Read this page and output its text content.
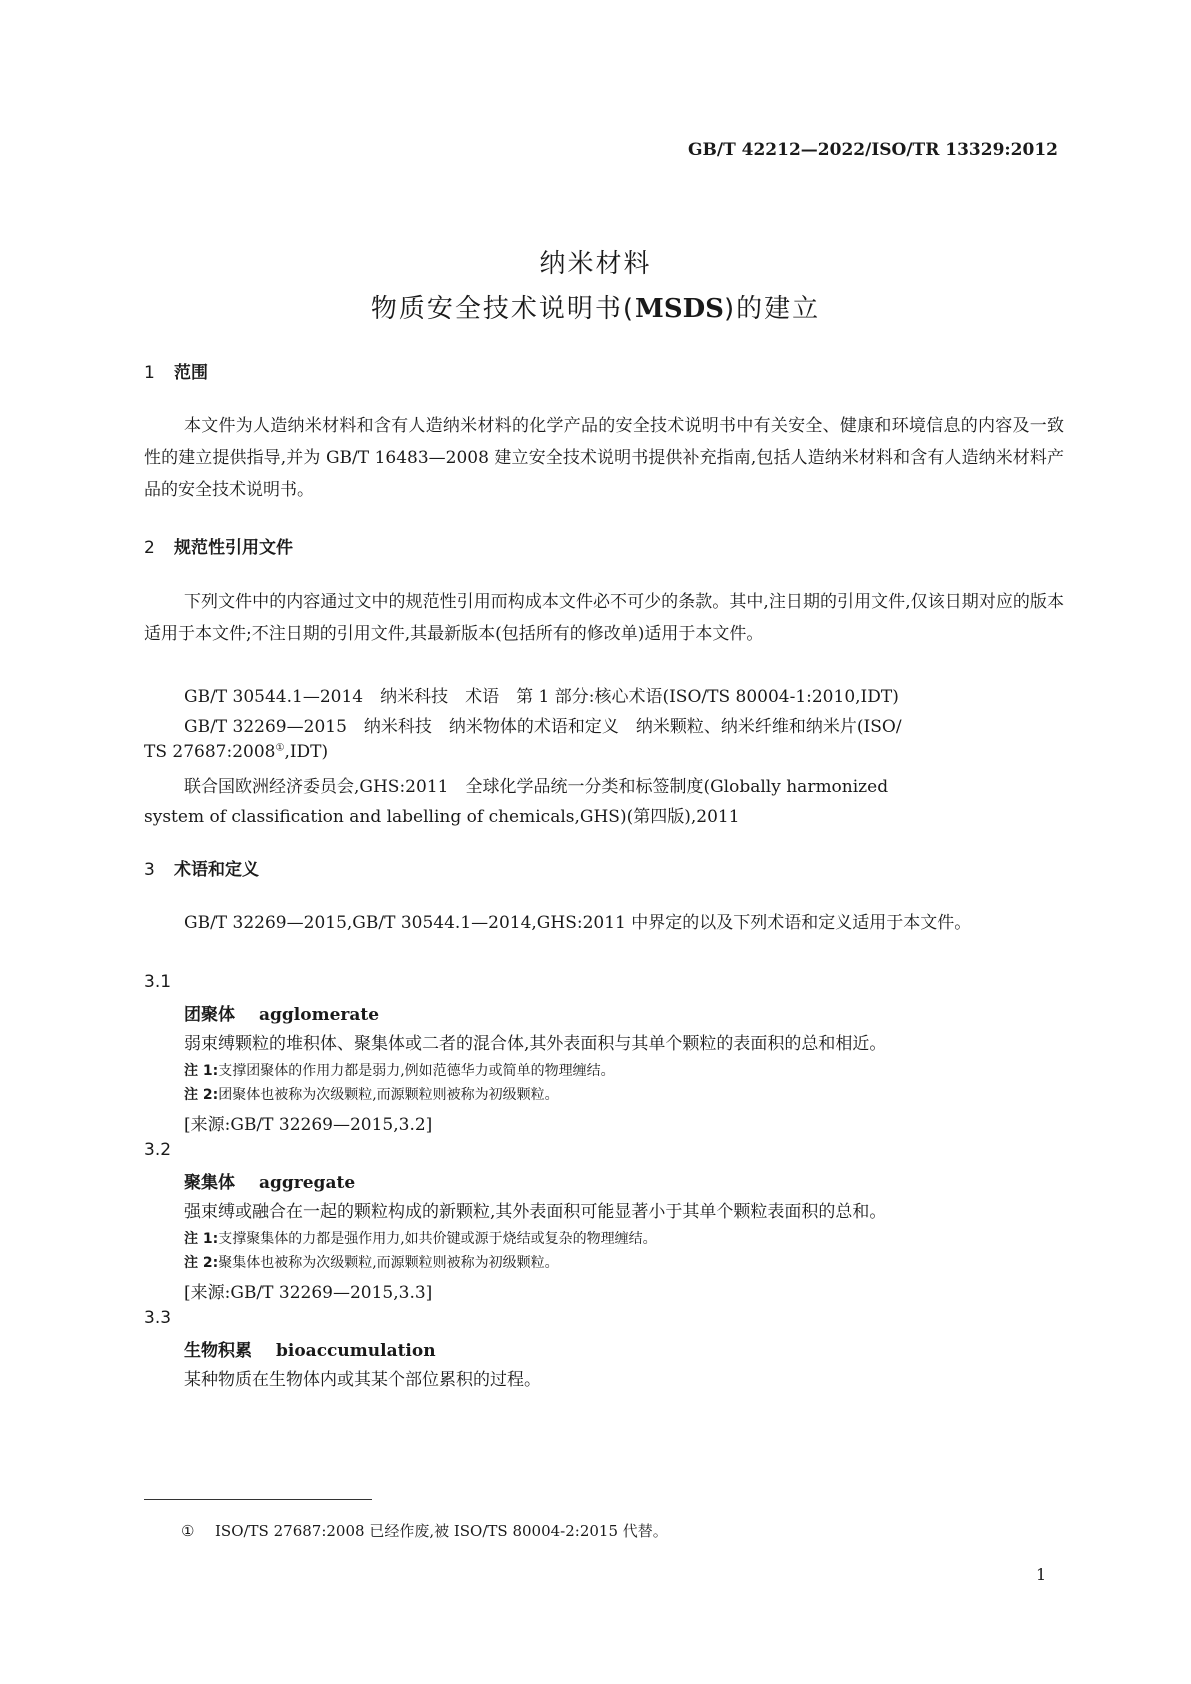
GB/T 42212—2022/ISO/TR 13329:2012
纳米材料
物质安全技术说明书(MSDS)的建立
1 范围
本文件为人造纳米材料和含有人造纳米材料的化学产品的安全技术说明书中有关安全、健康和环境信息的内容及一致性的建立提供指导,并为 GB/T 16483—2008 建立安全技术说明书提供补充指南,包括人造纳米材料和含有人造纳米材料产品的安全技术说明书。
2 规范性引用文件
下列文件中的内容通过文中的规范性引用而构成本文件必不可少的条款。其中,注日期的引用文件,仅该日期对应的版本适用于本文件;不注日期的引用文件,其最新版本(包括所有的修改单)适用于本文件。
GB/T 30544.1—2014　纳米科技　术语　第 1 部分:核心术语(ISO/TS 80004-1:2010,IDT)
GB/T 32269—2015　纳米科技　纳米物体的术语和定义　纳米颗粒、纳米纤维和纳米片(ISO/
TS 27687:2008①,IDT)
联合国欧洲经济委员会,GHS:2011　全球化学品统一分类和标签制度(Globally harmonized
system of classification and labelling of chemicals,GHS)(第四版),2011
3 术语和定义
GB/T 32269—2015,GB/T 30544.1—2014,GHS:2011 中界定的以及下列术语和定义适用于本文件。
3.1
团聚体 agglomerate
弱束缚颗粒的堆积体、聚集体或二者的混合体,其外表面积与其单个颗粒的表面积的总和相近。
注 1:支撑团聚体的作用力都是弱力,例如范德华力或简单的物理缠结。
注 2:团聚体也被称为次级颗粒,而源颗粒则被称为初级颗粒。
[来源:GB/T 32269—2015,3.2]
3.2
聚集体 aggregate
强束缚或融合在一起的颗粒构成的新颗粒,其外表面积可能显著小于其单个颗粒表面积的总和。
注 1:支撑聚集体的力都是强作用力,如共价键或源于烧结或复杂的物理缠结。
注 2:聚集体也被称为次级颗粒,而源颗粒则被称为初级颗粒。
[来源:GB/T 32269—2015,3.3]
3.3
生物积累 bioaccumulation
某种物质在生物体内或其某个部位累积的过程。
① ISO/TS 27687:2008 已经作废,被 ISO/TS 80004-2:2015 代替。
1
